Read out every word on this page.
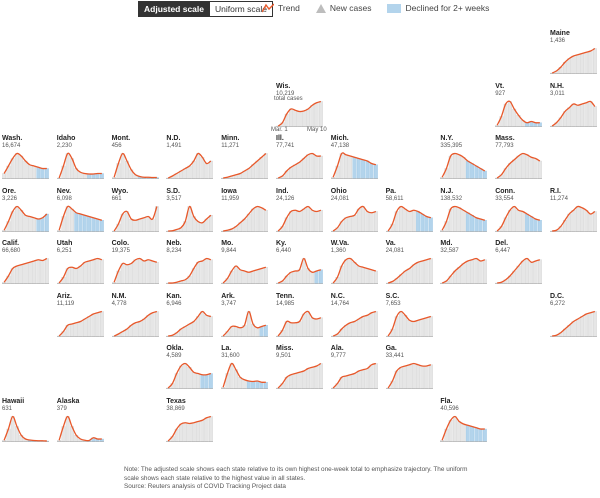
Adjusted scale	Uniform scale	Trend	New cases	Declined for 2+ weeks
Maine
1,436
Wis.
10,219
Vt.
927
N.H.
3,011
Wash.
16,674
Idaho
2,230
Mont.
456
N.D.
1,491
Minn.
11,271
Ill.
77,741
Mich.
47,138
N.Y.
335,395
Mass.
77,793
Ore.
3,226
Nev.
6,098
Wyo.
661
S.D.
3,517
Iowa
11,959
Ind.
24,126
Ohio
24,081
Pa.
58,611
N.J.
138,532
Conn.
33,554
R.I.
11,274
Calif.
66,680
Utah
6,251
Colo.
19,375
Neb.
8,234
Mo.
9,844
Ky.
6,440
W.Va.
1,360
Va.
24,081
Md.
32,587
Del.
6,447
Ariz.
11,119
N.M.
4,778
Kan.
6,946
Ark.
3,747
Tenn.
14,985
N.C.
14,764
S.C.
7,653
D.C.
6,272
Okla.
4,589
La.
31,600
Miss.
9,501
Ala.
9,777
Ga.
33,441
Hawaii
631
Alaska
379
Texas
38,869
Fla.
40,596
total cases
Mar. 1	May 10
Note: The adjusted scale shows each state relative to its own highest one-week total to emphasize trajectory. The uniform scale shows each state relative to the highest value in all states.
Source: Reuters analysis of COVID Tracking Project data
